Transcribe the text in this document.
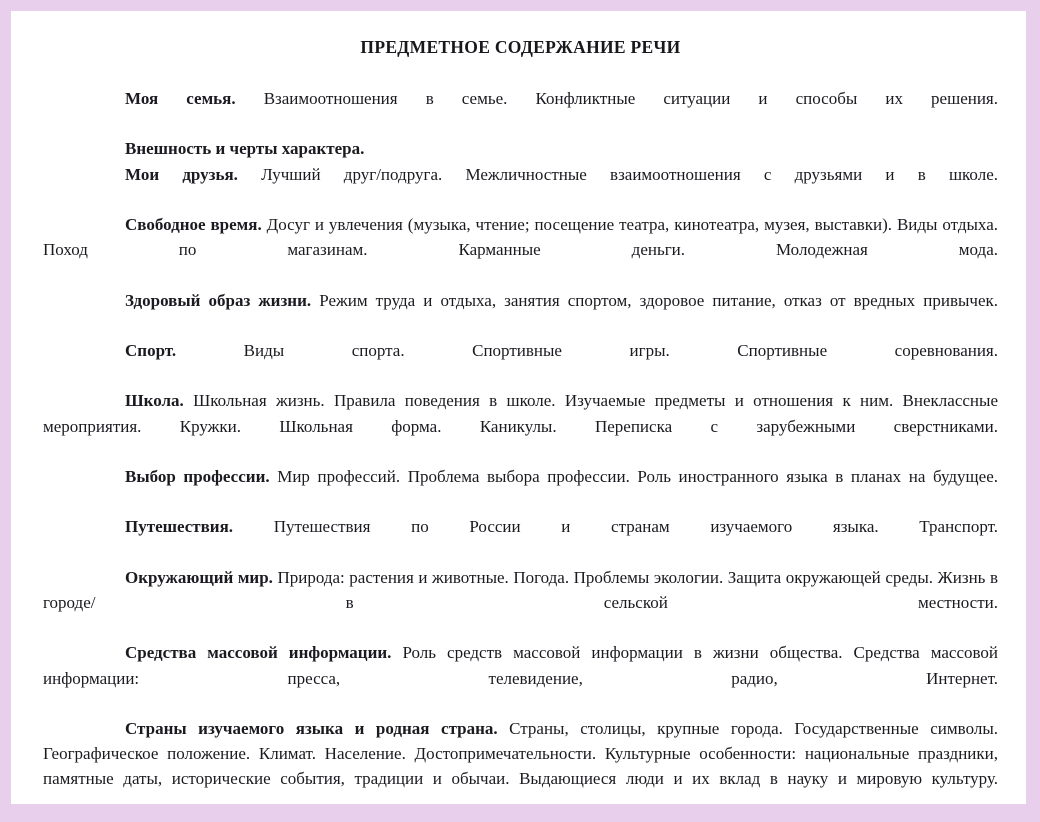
ПРЕДМЕТНОЕ СОДЕРЖАНИЕ РЕЧИ

Моя семья. Взаимоотношения в семье. Конфликтные ситуации и способы их решения.

Внешность и черты характера.

Мои друзья. Лучший друг/подруга. Межличностные взаимоотношения с друзьями и в школе.

Свободное время. Досуг и увлечения (музыка, чтение; посещение театра, кинотеатра, музея, выставки). Виды отдыха. Поход по магазинам. Карманные деньги. Молодежная мода.

Здоровый образ жизни. Режим труда и отдыха, занятия спортом, здоровое питание, отказ от вредных привычек.

Спорт. Виды спорта. Спортивные игры. Спортивные соревнования.

Школа. Школьная жизнь. Правила поведения в школе. Изучаемые предметы и отношения к ним. Внеклассные мероприятия. Кружки. Школьная форма. Каникулы. Переписка с зарубежными сверстниками.

Выбор профессии. Мир профессий. Проблема выбора профессии. Роль иностранного языка в планах на будущее.

Путешествия. Путешествия по России и странам изучаемого языка. Транспорт.

Окружающий мир. Природа: растения и животные. Погода. Проблемы экологии. Защита окружающей среды. Жизнь в городе/ в сельской местности.

Средства массовой информации. Роль средств массовой информации в жизни общества. Средства массовой информации: пресса, телевидение, радио, Интернет.

Страны изучаемого языка и родная страна. Страны, столицы, крупные города. Государственные символы. Географическое положение. Климат. Население. Достопримечательности. Культурные особенности: национальные праздники, памятные даты, исторические события, традиции и обычаи. Выдающиеся люди и их вклад в науку и мировую культуру.
